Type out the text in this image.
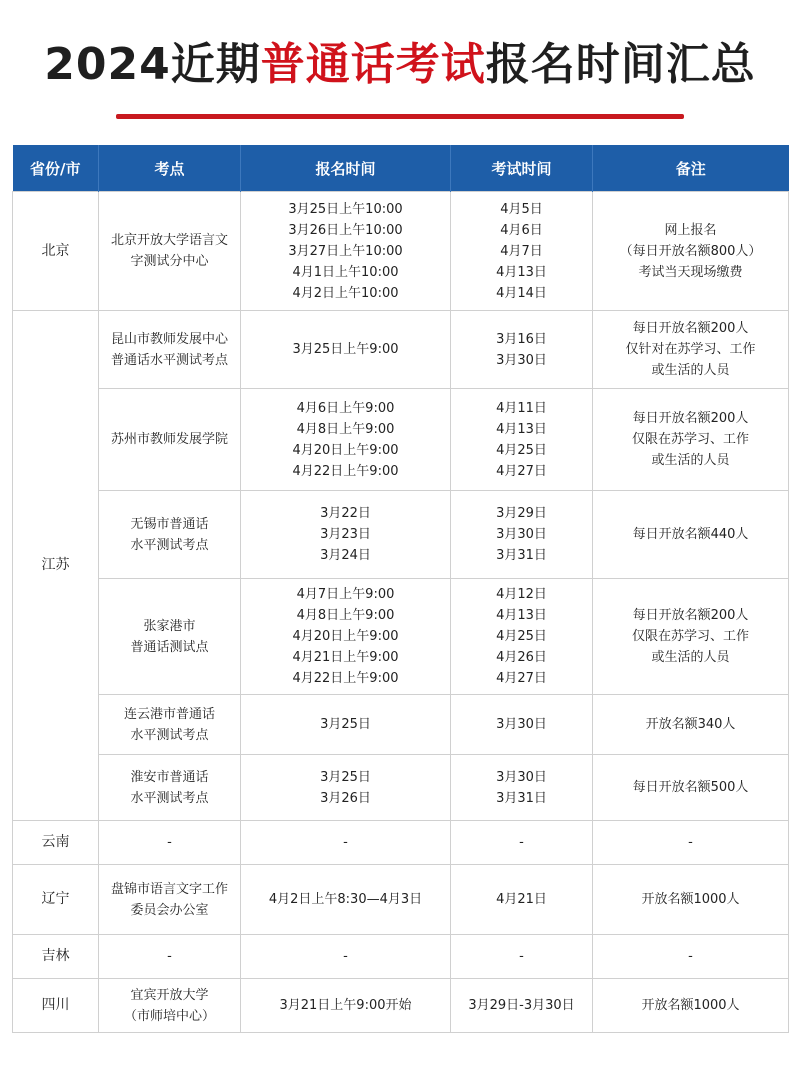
2024近期普通话考试报名时间汇总
省份/市	考点	报名时间	考试时间	备注
北京	北京开放大学语言文
字测试分中心	3月25日上午10:00
3月26日上午10:00
3月27日上午10:00
4月1日上午10:00
4月2日上午10:00	4月5日
4月6日
4月7日
4月13日
4月14日	网上报名
（每日开放名额800人）
考试当天现场缴费

江苏	昆山市教师发展中心
普通话水平测试考点	3月25日上午9:00	3月16日
3月30日	每日开放名额200人
仅针对在苏学习、工作
或生活的人员

	苏州市教师发展学院	4月6日上午9:00
4月8日上午9:00
4月20日上午9:00
4月22日上午9:00	4月11日
4月13日
4月25日
4月27日	每日开放名额200人
仅限在苏学习、工作
或生活的人员

	无锡市普通话
水平测试考点	3月22日
3月23日
3月24日	3月29日
3月30日
3月31日	每日开放名额440人

	张家港市
普通话测试点	4月7日上午9:00
4月8日上午9:00
4月20日上午9:00
4月21日上午9:00
4月22日上午9:00	4月12日
4月13日
4月25日
4月26日
4月27日	每日开放名额200人
仅限在苏学习、工作
或生活的人员

	连云港市普通话
水平测试考点	3月25日	3月30日	开放名额340人

	淮安市普通话
水平测试考点	3月25日
3月26日	3月30日
3月31日	每日开放名额500人

云南	-	-	-	-

辽宁	盘锦市语言文字工作
委员会办公室	4月2日上午8:30—4月3日	4月21日	开放名额1000人

吉林	-	-	-	-

四川	宜宾开放大学
（市师培中心）	3月21日上午9:00开始	3月29日-3月30日	开放名额1000人
